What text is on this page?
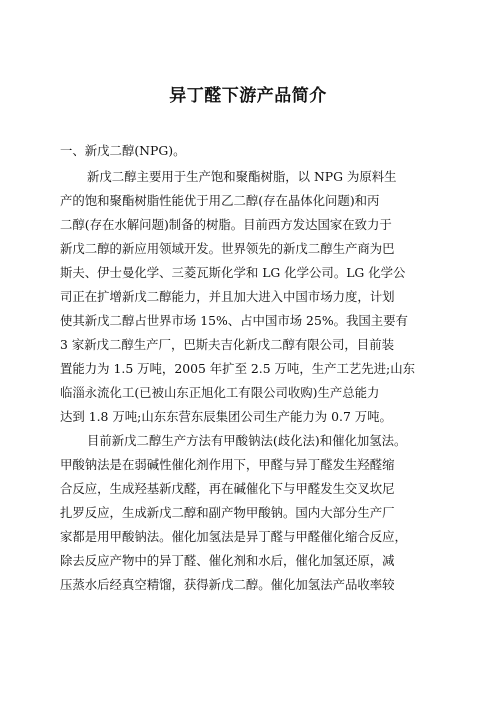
异丁醛下游产品简介
一、新戊二醇(NPG)。
新戊二醇主要用于生产饱和聚酯树脂，以 NPG 为原料生
产的饱和聚酯树脂性能优于用乙二醇(存在晶体化问题)和丙
二醇(存在水解问题)制备的树脂。目前西方发达国家在致力于
新戊二醇的新应用领域开发。世界领先的新戊二醇生产商为巴
斯夫、伊士曼化学、三菱瓦斯化学和 LG 化学公司。LG 化学公
司正在扩增新戊二醇能力，并且加大进入中国市场力度，计划
使其新戊二醇占世界市场 15%、占中国市场 25%。我国主要有
3 家新戊二醇生产厂，巴斯夫吉化新戊二醇有限公司，目前装
置能力为 1.5 万吨，2005 年扩至 2.5 万吨，生产工艺先进;山东
临淄永流化工(已被山东正旭化工有限公司收购)生产总能力
达到 1.8 万吨;山东东营东辰集团公司生产能力为 0.7 万吨。
目前新戊二醇生产方法有甲酸钠法(歧化法)和催化加氢法。
甲酸钠法是在弱碱性催化剂作用下，甲醛与异丁醛发生羟醛缩
合反应，生成羟基新戊醛，再在碱催化下与甲醛发生交叉坎尼
扎罗反应，生成新戊二醇和副产物甲酸钠。国内大部分生产厂
家都是用甲酸钠法。催化加氢法是异丁醛与甲醛催化缩合反应，
除去反应产物中的异丁醛、催化剂和水后，催化加氢还原，减
压蒸水后经真空精馏，获得新戊二醇。催化加氢法产品收率较
